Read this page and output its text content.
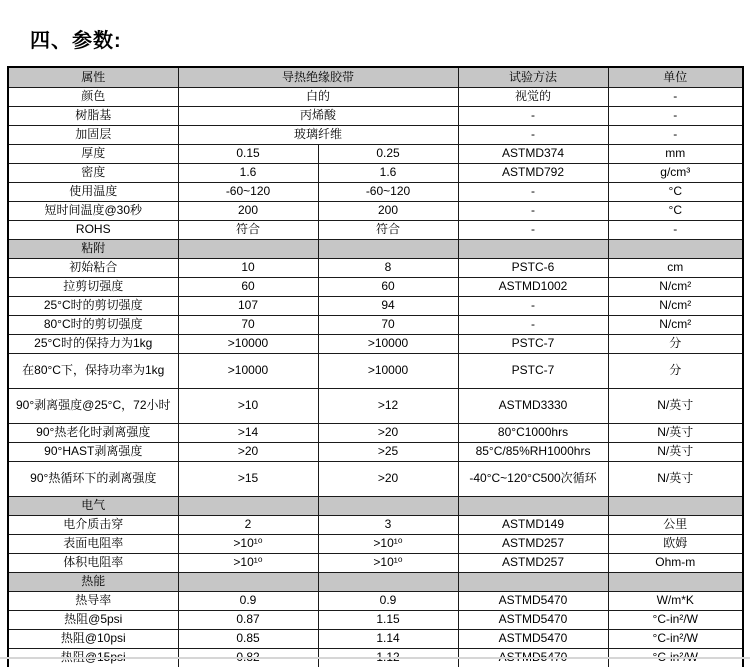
四、参数:
属性	导热绝缘胶带		试验方法	单位
颜色	白的		视觉的	-
树脂基	丙烯酸		-	-
加固层	玻璃纤维		-	-
厚度	0.15	0.25	ASTMD374	mm
密度	1.6	1.6	ASTMD792	g/cm³
使用温度	-60~120	-60~120	-	°C
短时间温度@30秒	200	200	-	°C
ROHS	符合	符合	-	-
粘附				
初始粘合	10	8	PSTC-6	cm
拉剪切强度	60	60	ASTMD1002	N/cm²
25°C时的剪切强度	107	94	-	N/cm²
80°C时的剪切强度	70	70	-	N/cm²
25°C时的保持力为1kg	>10000	>10000	PSTC-7	分
在80°C下，保持功率为1kg	>10000	>10000	PSTC-7	分
90°剥离强度@25°C，72小时	>10	>12	ASTMD3330	N/英寸
90°热老化时剥离强度	>14	>20	80°C1000hrs	N/英寸
90°HAST剥离强度	>20	>25	85°C/85%RH1000hrs	N/英寸
90°热循环下的剥离强度	>15	>20	-40°C~120°C500次循环	N/英寸
电气				
电介质击穿	2	3	ASTMD149	公里
表面电阻率	>10¹⁰	>10¹⁰	ASTMD257	欧姆
体积电阻率	>10¹⁰	>10¹⁰	ASTMD257	Ohm-m
热能				
热导率	0.9	0.9	ASTMD5470	W/m*K
热阻@5psi	0.87	1.15	ASTMD5470	°C-in²/W
热阻@10psi	0.85	1.14	ASTMD5470	°C-in²/W
